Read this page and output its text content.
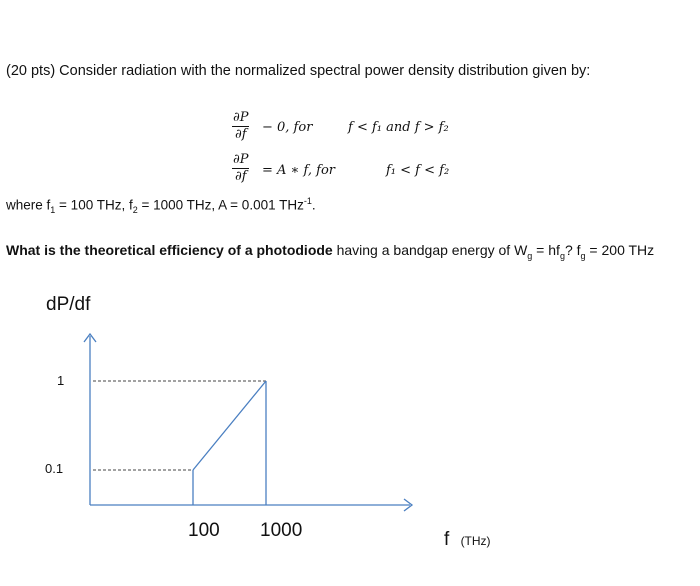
(20 pts) Consider radiation with the normalized spectral power density distribution given by:
$\frac{\partial P}{\partial f} - 0$, for	f < f₁ and f > f₂
$\frac{\partial P}{\partial f} = A$ ∗ f, for	f₁ < f < f₂
where $f_1 = 100$ THz, $f_2 = 1000$ THz, A = 0.001 THz$^{-1}$.
What is the theoretical efficiency of a photodiode having a bandgap energy of $W_g = hf_g$? $f_g = 200$ THz
dP/df
1
0.1
100 1000	f (THz)
